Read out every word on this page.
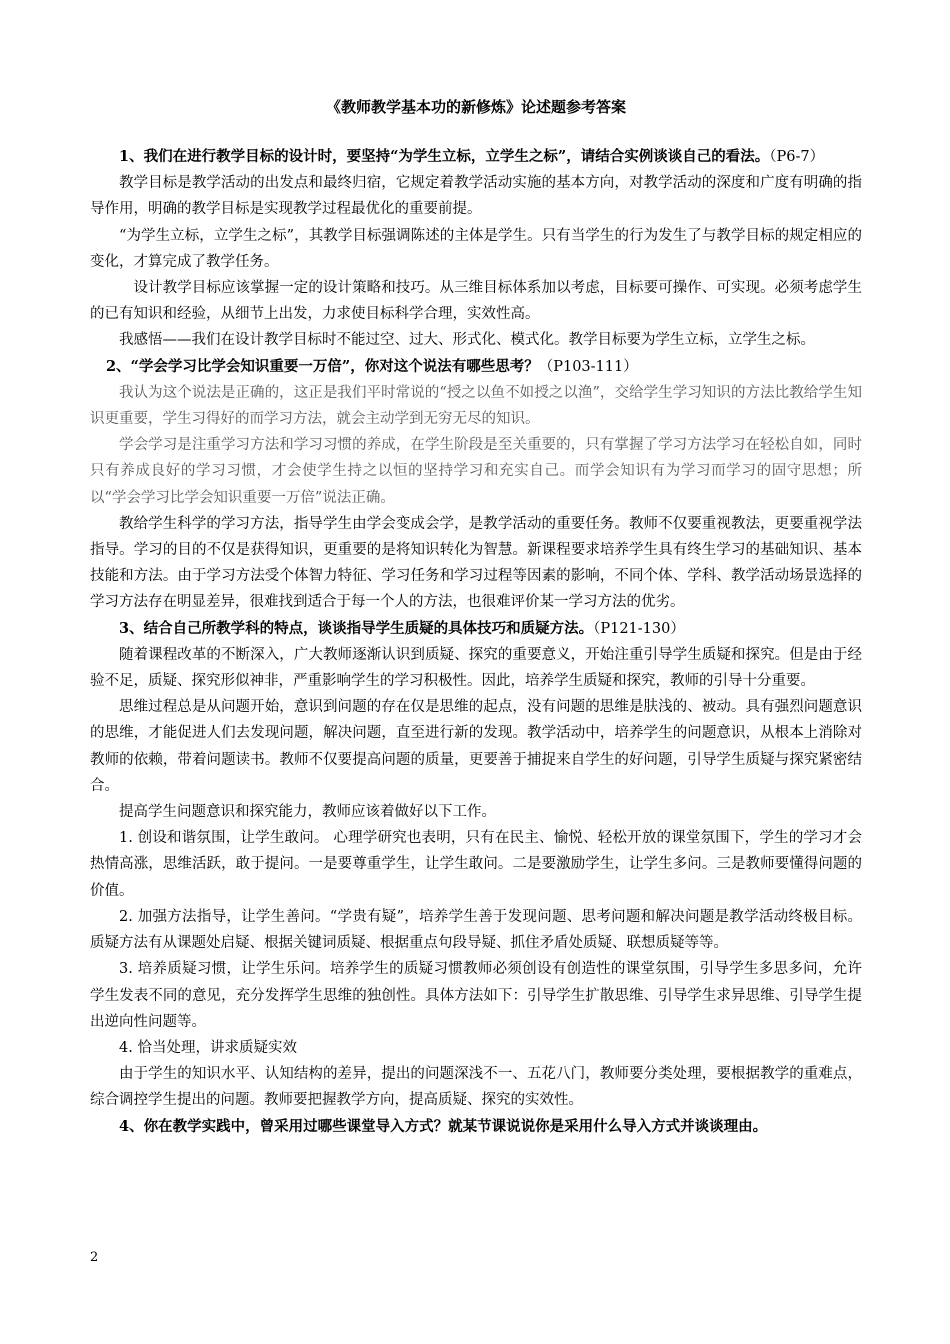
《教师教学基本功的新修炼》论述题参考答案

1、我们在进行教学目标的设计时，要坚持“为学生立标，立学生之标”，请结合实例谈谈自己的看法。（P6-7）

教学目标是教学活动的出发点和最终归宿，它规定着教学活动实施的基本方向，对教学活动的深度和广度有明确的指导作用，明确的教学目标是实现教学过程最优化的重要前提。

“为学生立标，立学生之标”，其教学目标强调陈述的主体是学生。只有当学生的行为发生了与教学目标的规定相应的变化，才算完成了教学任务。

设计教学目标应该掌握一定的设计策略和技巧。从三维目标体系加以考虑，目标要可操作、可实现。必须考虑学生的已有知识和经验，从细节上出发，力求使目标科学合理，实效性高。

我感悟——我们在设计教学目标时不能过空、过大、形式化、模式化。教学目标要为学生立标，立学生之标。

2、“学会学习比学会知识重要一万倍”，你对这个说法有哪些思考？（P103-111）

我认为这个说法是正确的，这正是我们平时常说的“授之以鱼不如授之以渔”，交给学生学习知识的方法比教给学生知识更重要，学生习得好的而学习方法，就会主动学到无穷无尽的知识。

学会学习是注重学习方法和学习习惯的养成，在学生阶段是至关重要的，只有掌握了学习方法学习在轻松自如，同时只有养成良好的学习习惯，才会使学生持之以恒的坚持学习和充实自己。而学会知识有为学习而学习的固守思想；所以“学会学习比学会知识重要一万倍”说法正确。

教给学生科学的学习方法，指导学生由学会变成会学，是教学活动的重要任务。教师不仅要重视教法，更要重视学法指导。学习的目的不仅是获得知识，更重要的是将知识转化为智慧。新课程要求培养学生具有终生学习的基础知识、基本技能和方法。由于学习方法受个体智力特征、学习任务和学习过程等因素的影响，不同个体、学科、教学活动场景选择的学习方法存在明显差异，很难找到适合于每一个人的方法，也很难评价某一学习方法的优劣。

3、结合自己所教学科的特点，谈谈指导学生质疑的具体技巧和质疑方法。（P121-130）

随着课程改革的不断深入，广大教师逐渐认识到质疑、探究的重要意义，开始注重引导学生质疑和探究。但是由于经验不足，质疑、探究形似神非，严重影响学生的学习积极性。因此，培养学生质疑和探究，教师的引导十分重要。

思维过程总是从问题开始，意识到问题的存在仅是思维的起点，没有问题的思维是肤浅的、被动。具有强烈问题意识的思维，才能促进人们去发现问题，解决问题，直至进行新的发现。教学活动中，培养学生的问题意识，从根本上消除对教师的依赖，带着问题读书。教师不仅要提高问题的质量，更要善于捕捉来自学生的好问题，引导学生质疑与探究紧密结合。

提高学生问题意识和探究能力，教师应该着做好以下工作。

1. 创设和谐氛围，让学生敢问。 心理学研究也表明，只有在民主、愉悦、轻松开放的课堂氛围下，学生的学习才会热情高涨，思维活跃，敢于提问。一是要尊重学生，让学生敢问。二是要激励学生，让学生多问。三是教师要懂得问题的价值。

2. 加强方法指导，让学生善问。“学贵有疑”，培养学生善于发现问题、思考问题和解决问题是教学活动终极目标。质疑方法有从课题处启疑、根据关键词质疑、根据重点句段导疑、抓住矛盾处质疑、联想质疑等等。

3. 培养质疑习惯，让学生乐问。培养学生的质疑习惯教师必须创设有创造性的课堂氛围，引导学生多思多问，允许学生发表不同的意见，充分发挥学生思维的独创性。具体方法如下：引导学生扩散思维、引导学生求异思维、引导学生提出逆向性问题等。

4. 恰当处理，讲求质疑实效

由于学生的知识水平、认知结构的差异，提出的问题深浅不一、五花八门，教师要分类处理，要根据教学的重难点，综合调控学生提出的问题。教师要把握教学方向，提高质疑、探究的实效性。

4、你在教学实践中，曾采用过哪些课堂导入方式？就某节课说说你是采用什么导入方式并谈谈理由。

2
